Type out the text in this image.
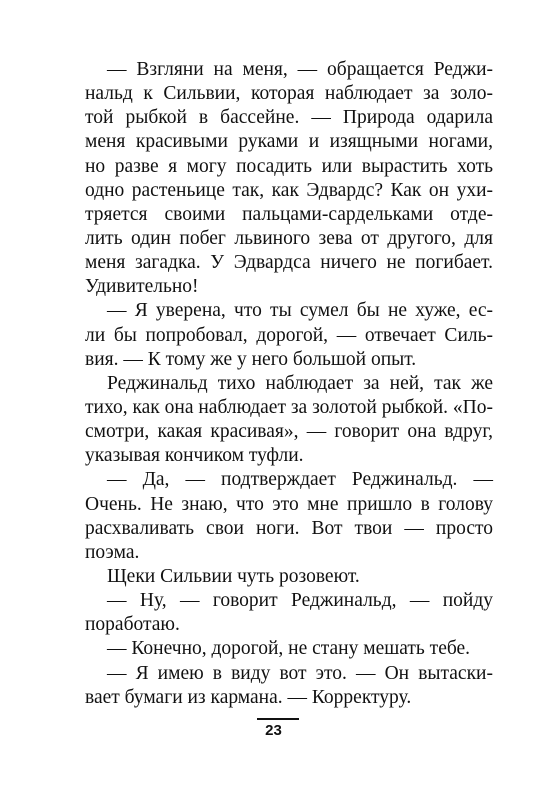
— Взгляни на меня, — обращается Реджи-
нальд к Сильвии, которая наблюдает за золо-
той рыбкой в бассейне. — Природа одарила
меня красивыми руками и изящными ногами,
но разве я могу посадить или вырастить хоть
одно растеньице так, как Эдвардс? Как он ухи-
тряется своими пальцами-сардельками отде-
лить один побег львиного зева от другого, для
меня загадка. У Эдвардса ничего не погибает.
Удивительно!
— Я уверена, что ты сумел бы не хуже, ес-
ли бы попробовал, дорогой, — отвечает Силь-
вия. — К тому же у него большой опыт.
Реджинальд тихо наблюдает за ней, так же
тихо, как она наблюдает за золотой рыбкой. «По-
смотри, какая красивая», — говорит она вдруг,
указывая кончиком туфли.
— Да, — подтверждает Реджинальд. —
Очень. Не знаю, что это мне пришло в голову
расхваливать свои ноги. Вот твои — просто
поэма.
Щеки Сильвии чуть розовеют.
— Ну, — говорит Реджинальд, — пойду
поработаю.
— Конечно, дорогой, не стану мешать тебе.
— Я имею в виду вот это. — Он вытаски-
вает бумаги из кармана. — Корректуру.
23
